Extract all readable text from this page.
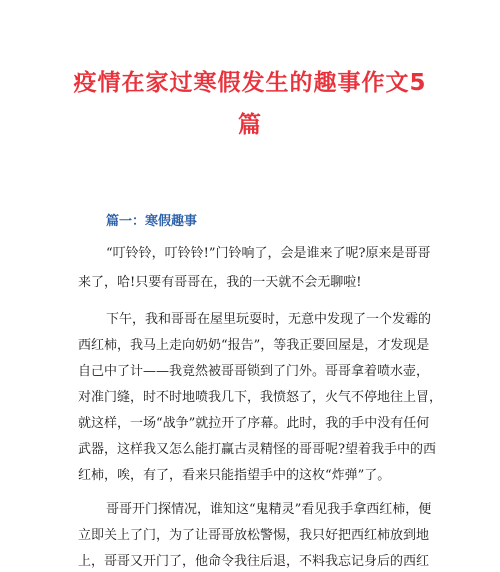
疫情在家过寒假发生的趣事作文5
篇
篇一：寒假趣事

“叮铃铃，叮铃铃!”门铃响了，会是谁来了呢?原来是哥哥

来了，哈!只要有哥哥在，我的一天就不会无聊啦!

下午，我和哥哥在屋里玩耍时，无意中发现了一个发霉的

西红柿，我马上走向奶奶“报告”，等我正要回屋是，才发现是

自己中了计——我竟然被哥哥锁到了门外。哥哥拿着喷水壶，

对准门缝，时不时地喷我几下，我愤怒了，火气不停地往上冒，

就这样，一场“战争”就拉开了序幕。此时，我的手中没有任何

武器，这样我又怎么能打赢古灵精怪的哥哥呢?望着我手中的西

红柿，唉，有了，看来只能指望手中的这枚“炸弹”了。

哥哥开门探情况，谁知这“鬼精灵”看见我手拿西红柿，便

立即关上了门，为了让哥哥放松警惕，我只好把西红柿放到地

上，哥哥又开门了，他命令我往后退，不料我忘记身后的西红
